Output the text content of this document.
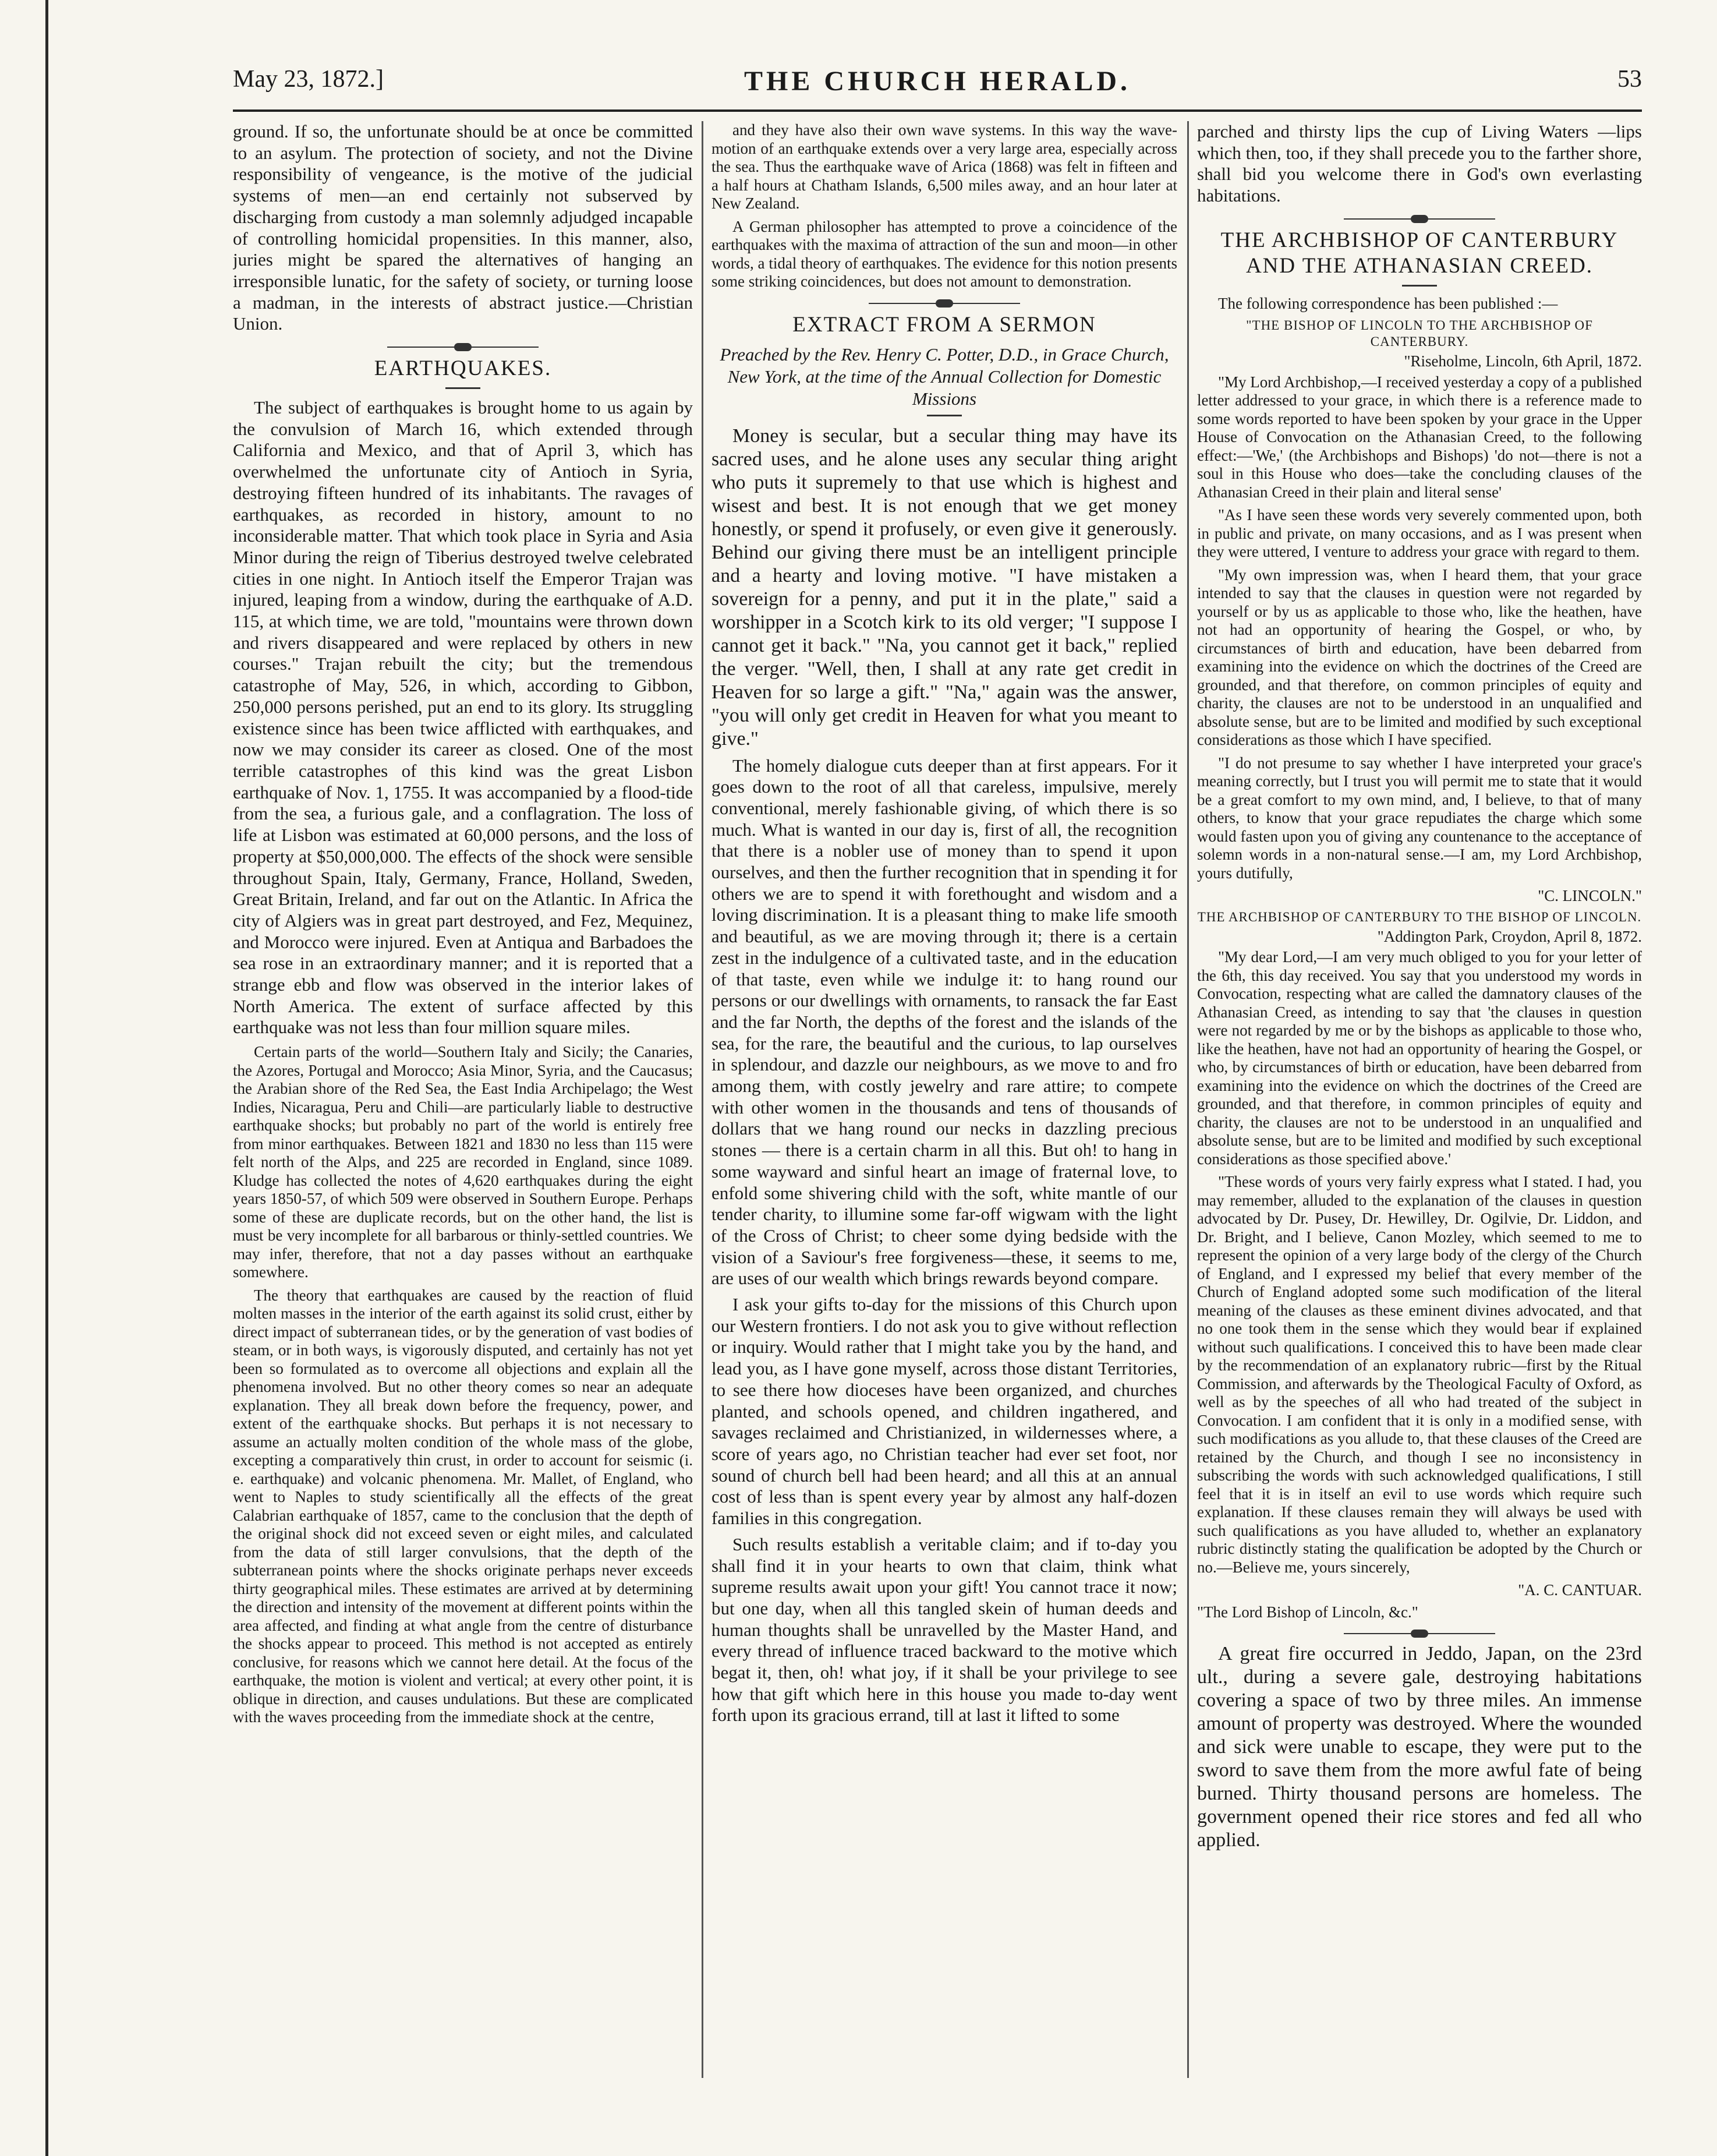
THE CHURCH HERALD.
May 23, 1872.]	53

ground. If so, the unfortunate should be at once be committed to an asylum. The protection of society, and not the Divine responsibility of vengeance, is the motive of the judicial systems of men—an end certainly not subserved by discharging from custody a man solemnly adjudged incapable of controlling homicidal propensities. In this manner, also, juries might be spared the alternatives of hanging an irresponsible lunatic, for the safety of society, or turning loose a madman, in the interests of abstract justice.—Christian Union.

EARTHQUAKES.

The subject of earthquakes is brought home to us again by the convulsion of March 16, which extended through California and Mexico, and that of April 3, which has overwhelmed the unfortunate city of Antioch in Syria, destroying fifteen hundred of its inhabitants. The ravages of earthquakes, as recorded in history, amount to no inconsiderable matter. That which took place in Syria and Asia Minor during the reign of Tiberius destroyed twelve celebrated cities in one night. In Antioch itself the Emperor Trajan was injured, leaping from a window, during the earthquake of A.D. 115, at which time, we are told, "mountains were thrown down and rivers disappeared and were replaced by others in new courses." Trajan rebuilt the city; but the tremendous catastrophe of May, 526, in which, according to Gibbon, 250,000 persons perished, put an end to its glory. Its struggling existence since has been twice afflicted with earthquakes, and now we may consider its career as closed. One of the most terrible catastrophes of this kind was the great Lisbon earthquake of Nov. 1, 1755. It was accompanied by a flood-tide from the sea, a furious gale, and a conflagration. The loss of life at Lisbon was estimated at 60,000 persons, and the loss of property at $50,000,000. The effects of the shock were sensible throughout Spain, Italy, Germany, France, Holland, Sweden, Great Britain, Ireland, and far out on the Atlantic. In Africa the city of Algiers was in great part destroyed, and Fez, Mequinez, and Morocco were injured. Even at Antiqua and Barbadoes the sea rose in an extraordinary manner; and it is reported that a strange ebb and flow was observed in the interior lakes of North America. The extent of surface affected by this earthquake was not less than four million square miles.

Certain parts of the world—Southern Italy and Sicily; the Canaries, the Azores, Portugal and Morocco; Asia Minor, Syria, and the Caucasus; the Arabian shore of the Red Sea, the East India Archipelago; the West Indies, Nicaragua, Peru and Chili—are particularly liable to destructive earthquake shocks; but probably no part of the world is entirely free from minor earthquakes. Between 1821 and 1830 no less than 115 were felt north of the Alps, and 225 are recorded in England, since 1089. Kludge has collected the notes of 4,620 earthquakes during the eight years 1850-57, of which 509 were observed in Southern Europe. Perhaps some of these are duplicate records, but on the other hand, the list is must be very incomplete for all barbarous or thinly-settled countries. We may infer, therefore, that not a day passes without an earthquake somewhere.

The theory that earthquakes are caused by the reaction of fluid molten masses in the interior of the earth against its solid crust, either by direct impact of subterranean tides, or by the generation of vast bodies of steam, or in both ways, is vigorously disputed, and certainly has not yet been so formulated as to overcome all objections and explain all the phenomena involved. But no other theory comes so near an adequate explanation. They all break down before the frequency, power, and extent of the earthquake shocks. But perhaps it is not necessary to assume an actually molten condition of the whole mass of the globe, excepting a comparatively thin crust, in order to account for seismic (i. e. earthquake) and volcanic phenomena. Mr. Mallet, of England, who went to Naples to study scientifically all the effects of the great Calabrian earthquake of 1857, came to the conclusion that the depth of the original shock did not exceed seven or eight miles, and calculated from the data of still larger convulsions, that the depth of the subterranean points where the shocks originate perhaps never exceeds thirty geographical miles. These estimates are arrived at by determining the direction and intensity of the movement at different points within the area affected, and finding at what angle from the centre of disturbance the shocks appear to proceed. This method is not accepted as entirely conclusive, for reasons which we cannot here detail. At the focus of the earthquake, the motion is violent and vertical; at every other point, it is oblique in direction, and causes undulations. But these are complicated with the waves proceeding from the immediate shock at the centre,

and they have also their own wave systems. In this way the wave-motion of an earthquake extends over a very large area, especially across the sea. Thus the earthquake wave of Arica (1868) was felt in fifteen and a half hours at Chatham Islands, 6,500 miles away, and an hour later at New Zealand.

A German philosopher has attempted to prove a coincidence of the earthquakes with the maxima of attraction of the sun and moon—in other words, a tidal theory of earthquakes. The evidence for this notion presents some striking coincidences, but does not amount to demonstration.

EXTRACT FROM A SERMON
Preached by the Rev. Henry C. Potter, D.D., in Grace Church, New York, at the time of the Annual Collection for Domestic Missions

Money is secular, but a secular thing may have its sacred uses, and he alone uses any secular thing aright who puts it supremely to that use which is highest and wisest and best. It is not enough that we get money honestly, or spend it profusely, or even give it generously. Behind our giving there must be an intelligent principle and a hearty and loving motive. "I have mistaken a sovereign for a penny, and put it in the plate," said a worshipper in a Scotch kirk to its old verger; "I suppose I cannot get it back." "Na, you cannot get it back," replied the verger. "Well, then, I shall at any rate get credit in Heaven for so large a gift." "Na," again was the answer, "you will only get credit in Heaven for what you meant to give."

The homely dialogue cuts deeper than at first appears. For it goes down to the root of all that careless, impulsive, merely conventional, merely fashionable giving, of which there is so much. What is wanted in our day is, first of all, the recognition that there is a nobler use of money than to spend it upon ourselves, and then the further recognition that in spending it for others we are to spend it with forethought and wisdom and a loving discrimination. It is a pleasant thing to make life smooth and beautiful, as we are moving through it; there is a certain zest in the indulgence of a cultivated taste, and in the education of that taste, even while we indulge it: to hang round our persons or our dwellings with ornaments, to ransack the far East and the far North, the depths of the forest and the islands of the sea, for the rare, the beautiful and the curious, to lap ourselves in splendour, and dazzle our neighbours, as we move to and fro among them, with costly jewelry and rare attire; to compete with other women in the thousands and tens of thousands of dollars that we hang round our necks in dazzling precious stones — there is a certain charm in all this. But oh! to hang in some wayward and sinful heart an image of fraternal love, to enfold some shivering child with the soft, white mantle of our tender charity, to illumine some far-off wigwam with the light of the Cross of Christ; to cheer some dying bedside with the vision of a Saviour's free forgiveness—these, it seems to me, are uses of our wealth which brings rewards beyond compare.

I ask your gifts to-day for the missions of this Church upon our Western frontiers. I do not ask you to give without reflection or inquiry. Would rather that I might take you by the hand, and lead you, as I have gone myself, across those distant Territories, to see there how dioceses have been organized, and churches planted, and schools opened, and children ingathered, and savages reclaimed and Christianized, in wildernesses where, a score of years ago, no Christian teacher had ever set foot, nor sound of church bell had been heard; and all this at an annual cost of less than is spent every year by almost any half-dozen families in this congregation.

Such results establish a veritable claim; and if to-day you shall find it in your hearts to own that claim, think what supreme results await upon your gift! You cannot trace it now; but one day, when all this tangled skein of human deeds and human thoughts shall be unravelled by the Master Hand, and every thread of influence traced backward to the motive which begat it, then, oh! what joy, if it shall be your privilege to see how that gift which here in this house you made to-day went forth upon its gracious errand, till at last it lifted to some

parched and thirsty lips the cup of Living Waters —lips which then, too, if they shall precede you to the farther shore, shall bid you welcome there in God's own everlasting habitations.

THE ARCHBISHOP OF CANTERBURY AND THE ATHANASIAN CREED.

The following correspondence has been published :—

"THE BISHOP OF LINCOLN TO THE ARCHBISHOP OF CANTERBURY.

"Riseholme, Lincoln, 6th April, 1872.

"My Lord Archbishop,—I received yesterday a copy of a published letter addressed to your grace, in which there is a reference made to some words reported to have been spoken by your grace in the Upper House of Convocation on the Athanasian Creed, to the following effect:—'We,' (the Archbishops and Bishops) 'do not—there is not a soul in this House who does—take the concluding clauses of the Athanasian Creed in their plain and literal sense'

"As I have seen these words very severely commented upon, both in public and private, on many occasions, and as I was present when they were uttered, I venture to address your grace with regard to them.

"My own impression was, when I heard them, that your grace intended to say that the clauses in question were not regarded by yourself or by us as applicable to those who, like the heathen, have not had an opportunity of hearing the Gospel, or who, by circumstances of birth and education, have been debarred from examining into the evidence on which the doctrines of the Creed are grounded, and that therefore, on common principles of equity and charity, the clauses are not to be understood in an unqualified and absolute sense, but are to be limited and modified by such exceptional considerations as those which I have specified.

"I do not presume to say whether I have interpreted your grace's meaning correctly, but I trust you will permit me to state that it would be a great comfort to my own mind, and, I believe, to that of many others, to know that your grace repudiates the charge which some would fasten upon you of giving any countenance to the acceptance of solemn words in a non-natural sense.—I am, my Lord Archbishop, yours dutifully,

"C. LINCOLN."

THE ARCHBISHOP OF CANTERBURY TO THE BISHOP OF LINCOLN.

"Addington Park, Croydon, April 8, 1872.

"My dear Lord,—I am very much obliged to you for your letter of the 6th, this day received. You say that you understood my words in Convocation, respecting what are called the damnatory clauses of the Athanasian Creed, as intending to say that 'the clauses in question were not regarded by me or by the bishops as applicable to those who, like the heathen, have not had an opportunity of hearing the Gospel, or who, by circumstances of birth or education, have been debarred from examining into the evidence on which the doctrines of the Creed are grounded, and that therefore, in common principles of equity and charity, the clauses are not to be understood in an unqualified and absolute sense, but are to be limited and modified by such exceptional considerations as those specified above.'

"These words of yours very fairly express what I stated. I had, you may remember, alluded to the explanation of the clauses in question advocated by Dr. Pusey, Dr. Hewilley, Dr. Ogilvie, Dr. Liddon, and Dr. Bright, and I believe, Canon Mozley, which seemed to me to represent the opinion of a very large body of the clergy of the Church of England, and I expressed my belief that every member of the Church of England adopted some such modification of the literal meaning of the clauses as these eminent divines advocated, and that no one took them in the sense which they would bear if explained without such qualifications. I conceived this to have been made clear by the recommendation of an explanatory rubric—first by the Ritual Commission, and afterwards by the Theological Faculty of Oxford, as well as by the speeches of all who had treated of the subject in Convocation. I am confident that it is only in a modified sense, with such modifications as you allude to, that these clauses of the Creed are retained by the Church, and though I see no inconsistency in subscribing the words with such acknowledged qualifications, I still feel that it is in itself an evil to use words which require such explanation. If these clauses remain they will always be used with such qualifications as you have alluded to, whether an explanatory rubric distinctly stating the qualification be adopted by the Church or no.—Believe me, yours sincerely,

"A. C. CANTUAR.

"The Lord Bishop of Lincoln, &c."

A great fire occurred in Jeddo, Japan, on the 23rd ult., during a severe gale, destroying habitations covering a space of two by three miles. An immense amount of property was destroyed. Where the wounded and sick were unable to escape, they were put to the sword to save them from the more awful fate of being burned. Thirty thousand persons are homeless. The government opened their rice stores and fed all who applied.
